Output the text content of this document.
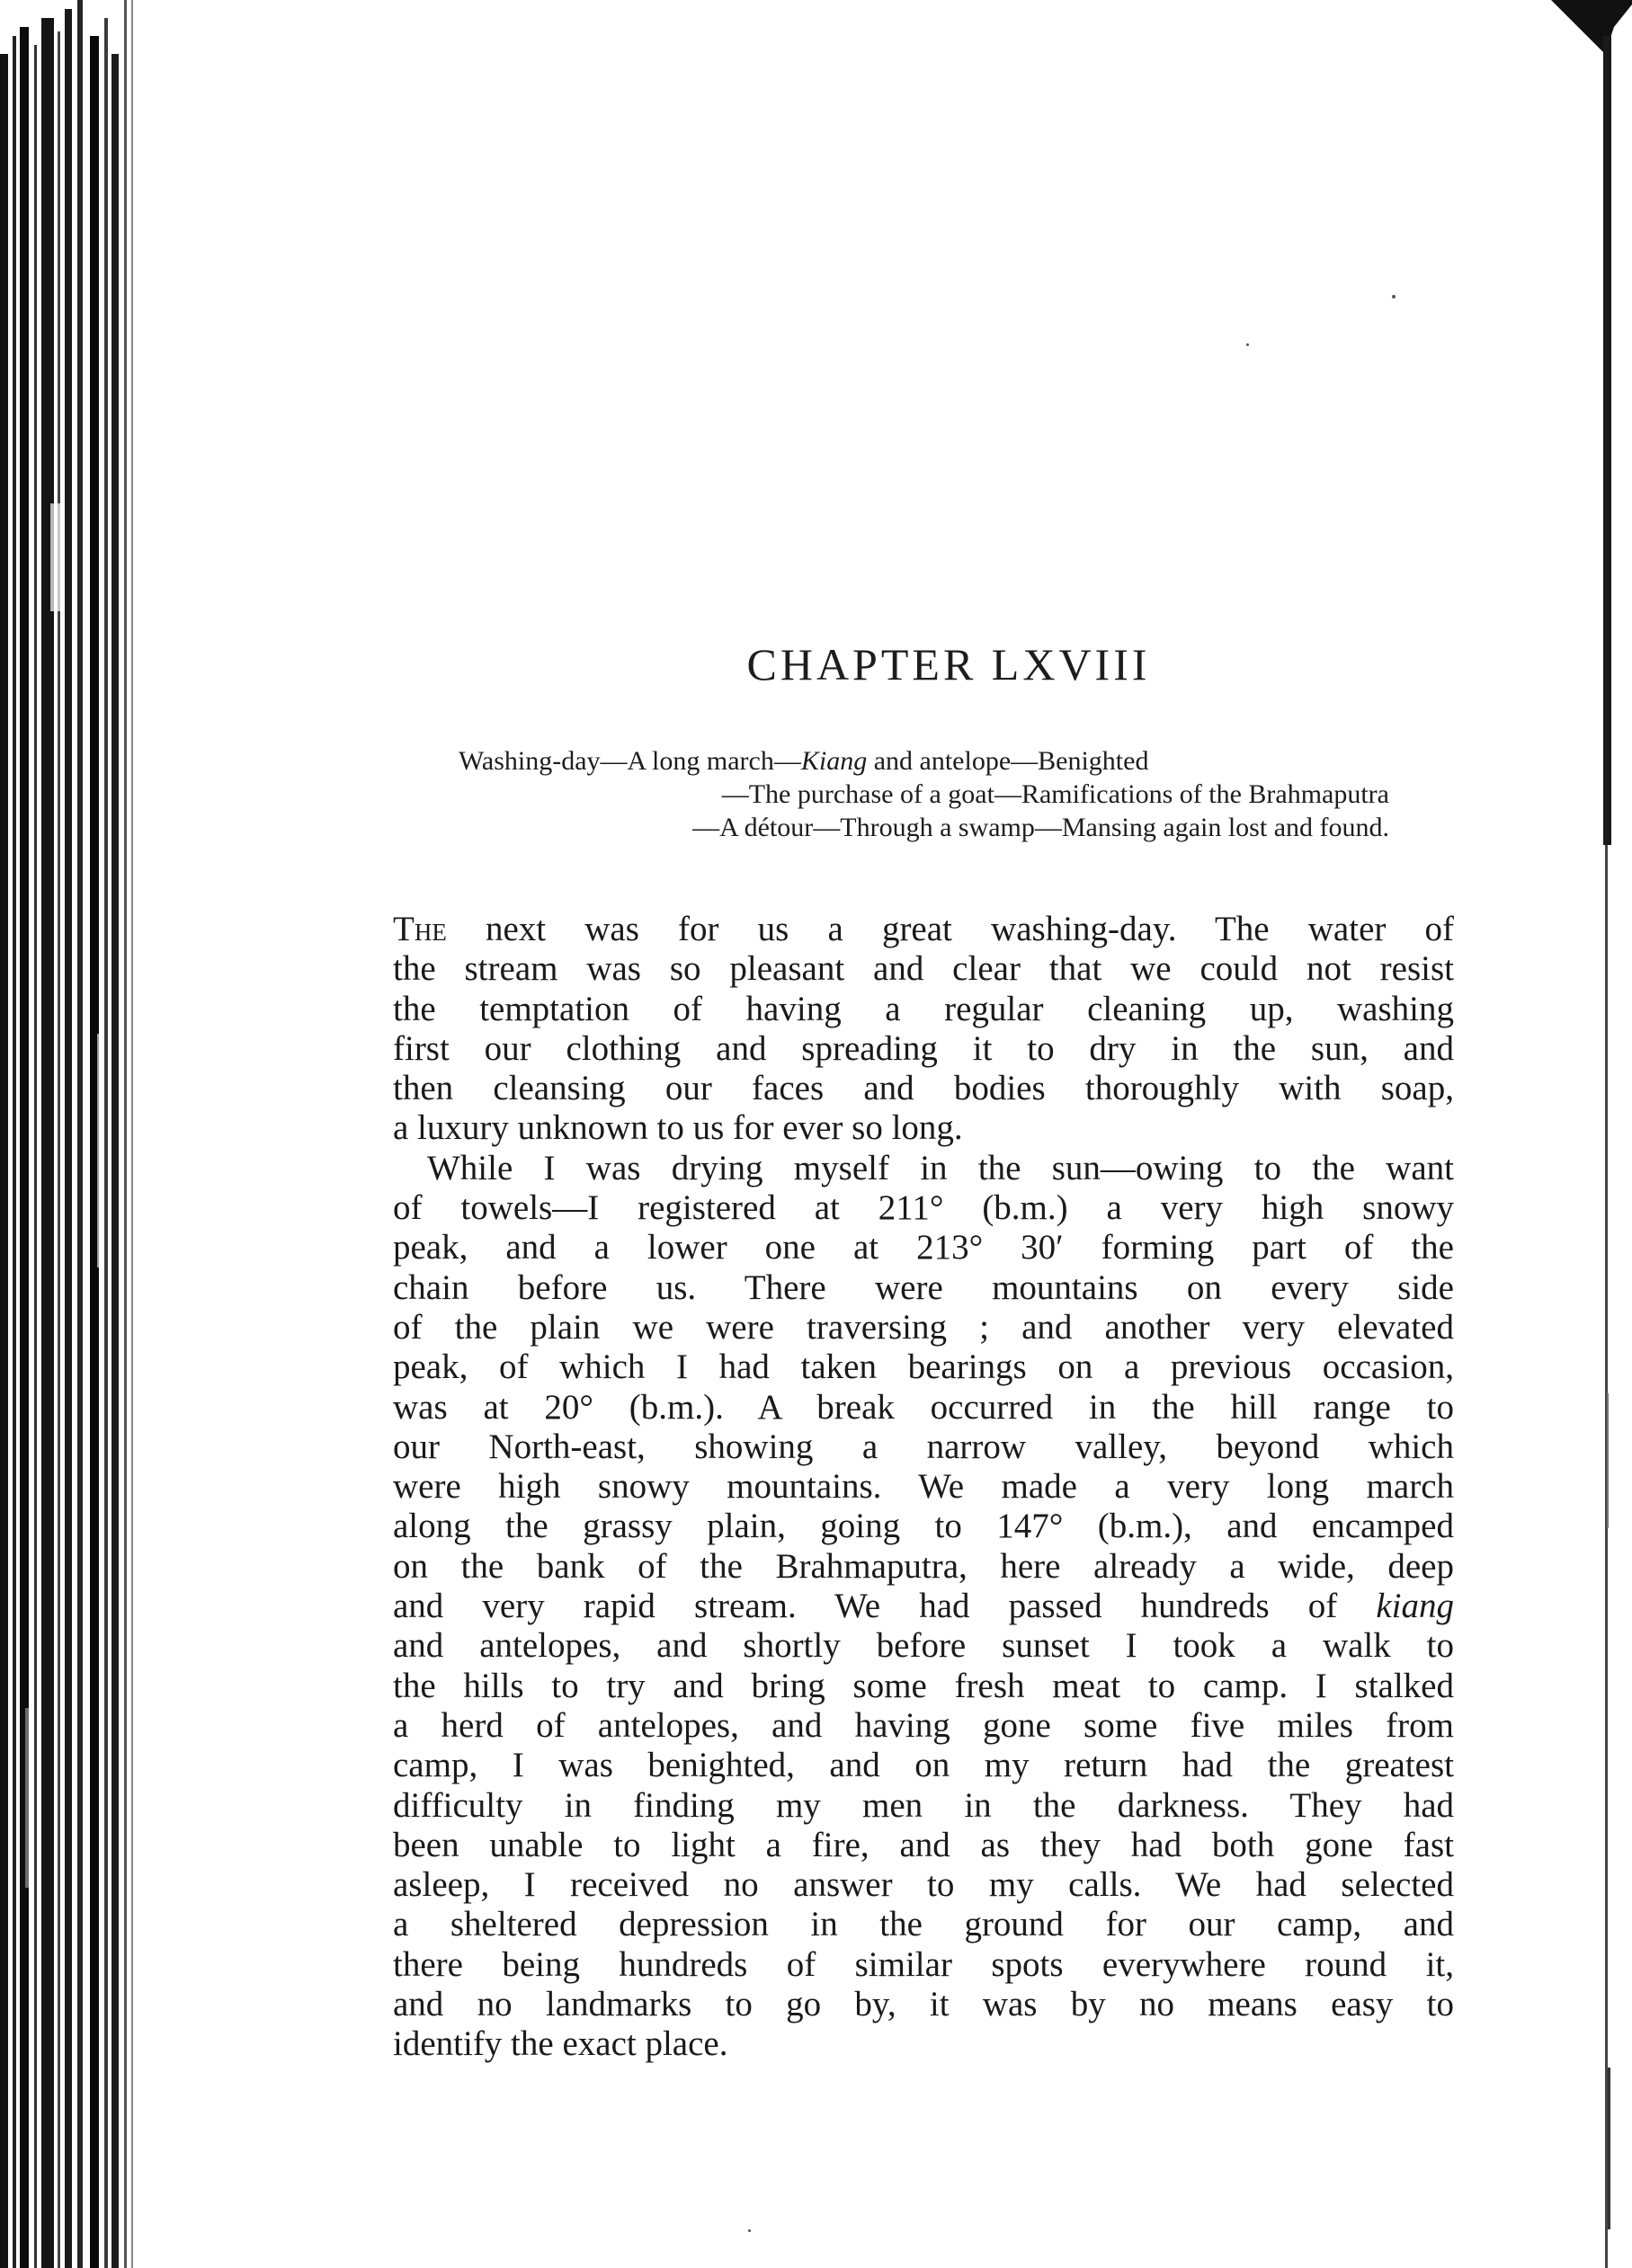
CHAPTER LXVIII
Washing-day—A long march—Kiang and antelope—Benighted
—The purchase of a goat—Ramifications of the Brahmaputra
—A détour—Through a swamp—Mansing again lost and found.
The next was for us a great washing-day. The water of
the stream was so pleasant and clear that we could not resist
the temptation of having a regular cleaning up, washing
first our clothing and spreading it to dry in the sun, and
then cleansing our faces and bodies thoroughly with soap,
a luxury unknown to us for ever so long.
While I was drying myself in the sun—owing to the want
of towels—I registered at 211° (b.m.) a very high snowy
peak, and a lower one at 213° 30′ forming part of the
chain before us. There were mountains on every side
of the plain we were traversing ; and another very elevated
peak, of which I had taken bearings on a previous occasion,
was at 20° (b.m.). A break occurred in the hill range to
our North-east, showing a narrow valley, beyond which
were high snowy mountains. We made a very long march
along the grassy plain, going to 147° (b.m.), and encamped
on the bank of the Brahmaputra, here already a wide, deep
and very rapid stream. We had passed hundreds of kiang
and antelopes, and shortly before sunset I took a walk to
the hills to try and bring some fresh meat to camp. I stalked
a herd of antelopes, and having gone some five miles from
camp, I was benighted, and on my return had the greatest
difficulty in finding my men in the darkness. They had
been unable to light a fire, and as they had both gone fast
asleep, I received no answer to my calls. We had selected
a sheltered depression in the ground for our camp, and
there being hundreds of similar spots everywhere round it,
and no landmarks to go by, it was by no means easy to
identify the exact place.
